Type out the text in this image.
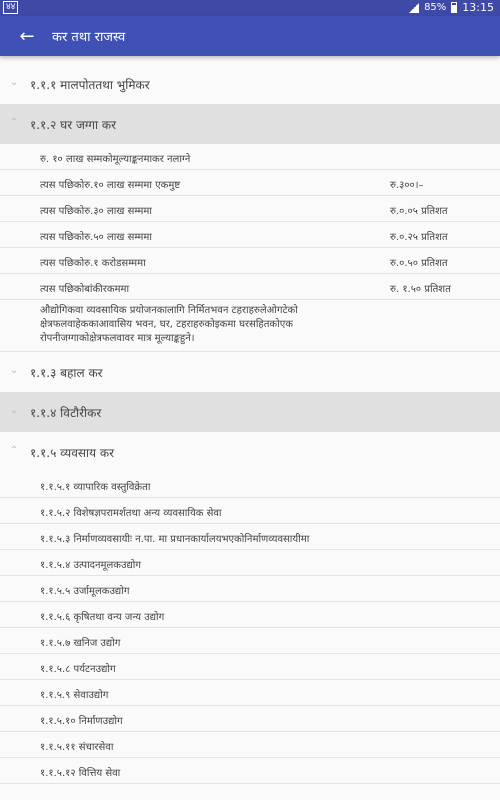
४४	85% 13:15
← कर तथा राजस्व
⌄ १.१.१ मालपोततथा भुमिकर
⌃ १.१.२ घर जग्गा कर
रु. १० लाख सम्मकोमूल्याङ्कनमाकर नलाग्ने
त्यस पछिकोरु.१० लाख सम्ममा एकमुष्ट	रु.३००।–
त्यस पछिकोरु.३० लाख सम्ममा	रु.०.०५ प्रतिशत
त्यस पछिकोरु.५० लाख सम्ममा	रु.०.२५ प्रतिशत
त्यस पछिकोरु.१ करोडसम्ममा	रु.०.५० प्रतिशत
त्यस पछिकोबांकीरकममा	रु. १.५० प्रतिशत
औद्योगिकवा व्यवसायिक प्रयोजनकालागि निर्मितभवन टहराहरुलेओगटेको क्षेत्रफलवाहेककाआवासिय भवन, घर, टहराहरुकोइकमा घरसहितकोएक रोपनीजग्गाकोक्षेत्रफलवावर मात्र मूल्याङ्कहुने।
⌄ १.१.३ बहाल कर
⌄ १.१.४ विटौरीकर
⌃ १.१.५ व्यवसाय कर
१.१.५.१ व्यापारिक वस्तुविक्रेता
१.१.५.२ विशेषज्ञपरामर्शतथा अन्य व्यवसायिक सेवा
१.१.५.३ निर्माणव्यवसायीः न.पा. मा प्रधानकार्यालयभएकोनिर्माणव्यवसायीमा
१.१.५.४ उत्पादनमूलकउद्योग
१.१.५.५ उर्जामूलकउद्योग
१.१.५.६ कृषितथा वन्य जन्य उद्योग
१.१.५.७ खनिज उद्योग
१.१.५.८ पर्यटनउद्योग
१.१.५.९ सेवाउद्योग
१.१.५.१० निर्माणउद्योग
१.१.५.११ संचारसेवा
१.१.५.१२ वित्तिय सेवा
